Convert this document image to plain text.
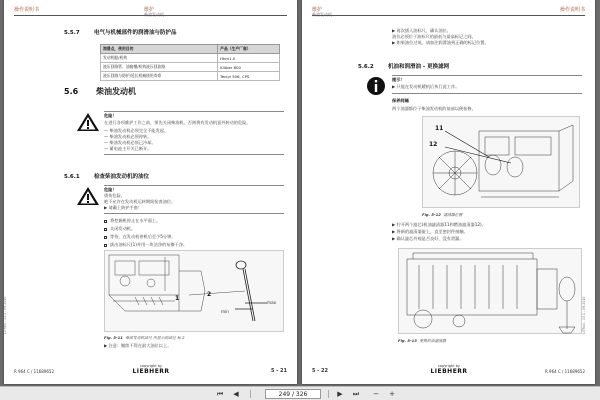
操作说明书	维护
柴油发动机
5.5.7	电气与机械部件的润滑油与防护品
润滑点，使用目的	产品（生产厂商）
发动机舱/机构	Hhm1.0
液压回路管、油箱槽/机构液压回油路	Klüber 600
液压回路与防护/延长机械使用寿命	Tectyl 506, CPS
5.6 柴油发动机
危险！
在进行各项维护工作之前，须先关闭柴油机。否则将有发动机意外转动的危险。
— 柴油发动机必须完全不能发起。
— 柴油发动机必须停转。
— 柴油发动机必须已冷却。
— 蓄电池主开关已断开。
5.6.1	检查柴油发动机的油位
危险！
烫伤危险。
绝不允许在发动机运转期间检查油位。
▶ 请戴上防护手套！
将挖掘机停止在水平面上。
关闭发动机。
等待，在发动机停机后至少5分钟。
拔出油标尺(1)并用一块洁净的布擦干净。
1
2
min
max
Fig. 5-11 柴油发动机油尺 所显示的油位 标 2
▶ 注意：继续不得在最大油位以上。
LITRa4 - 13.1 - 09.2010
R 964 C / 11689652
copyright by
LIEBHERR	5 - 21
维护
柴油发动机
操作说明书
▶ 再次插入油标尺，确认油位。
油位必须位于油标尺的最低与最高标记之间。
▶ 如果油位过低，请加注润滑油到正确的标记位置。
5.6.2	机油和润滑油 - 更换滤网
提示！
▶ 只能在发动机暖机后执行此工作。
保养间隔
两个油器都位于柴油发动机的前部以便检修。
11
12
Fig. 5-12 滤清器位置
▶ 拧开两个滤芯(机油滤清器11和燃油滤清器12)。
▶ 将新的滤清器旋上，直至密封件接触。
▶ 确认滤芯外观是否良好，没有泄漏。
Fig. 5-13 更换机油滤清器
LITRa4 - 13.1 - 09.2010
5 - 22
copyright by
LIEBHERR	R 964 C / 11689652
⏮	◀	249 / 326	▶	⏭	−	+
